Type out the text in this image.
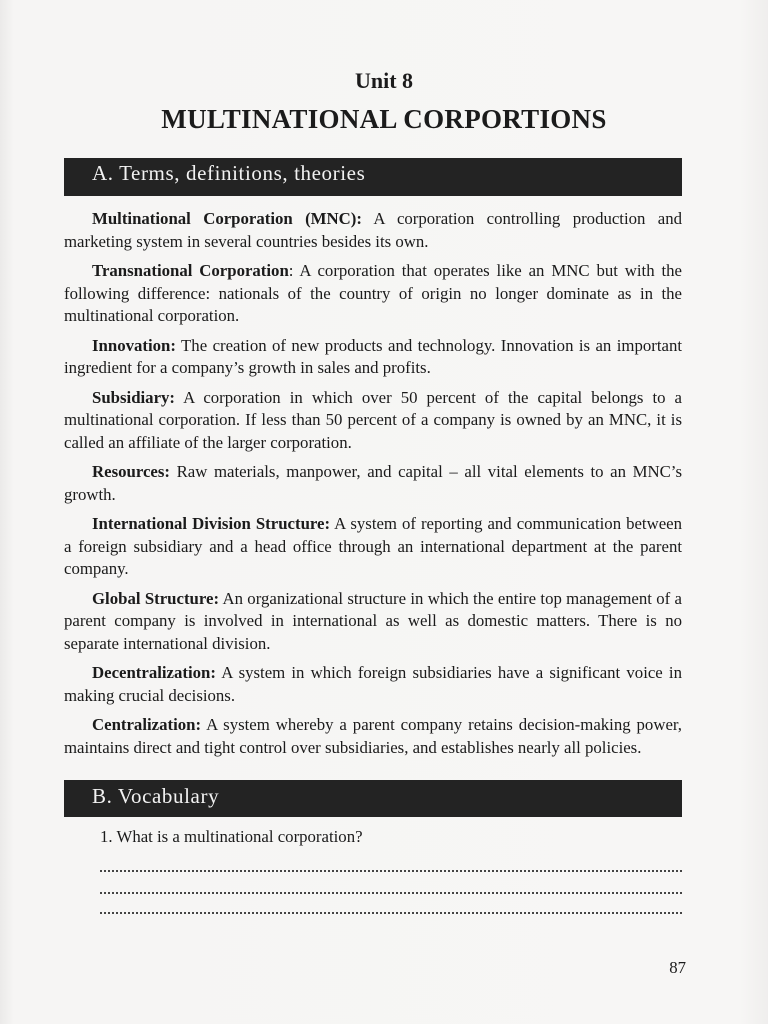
Unit 8
MULTINATIONAL CORPORTIONS
A. Terms, definitions, theories

Multinational Corporation (MNC): A corporation controlling production and marketing system in several countries besides its own.

Transnational Corporation: A corporation that operates like an MNC but with the following difference: nationals of the country of origin no longer dominate as in the multinational corporation.

Innovation: The creation of new products and technology. Innovation is an important ingredient for a company’s growth in sales and profits.

Subsidiary: A corporation in which over 50 percent of the capital belongs to a multinational corporation. If less than 50 percent of a company is owned by an MNC, it is called an affiliate of the larger corporation.

Resources: Raw materials, manpower, and capital – all vital elements to an MNC’s growth.

International Division Structure: A system of reporting and communication between a foreign subsidiary and a head office through an international department at the parent company.

Global Structure: An organizational structure in which the entire top management of a parent company is involved in international as well as domestic matters. There is no separate international division.

Decentralization: A system in which foreign subsidiaries have a significant voice in making crucial decisions.

Centralization: A system whereby a parent company retains decision-making power, maintains direct and tight control over subsidiaries, and establishes nearly all policies.

B. Vocabulary
1. What is a multinational corporation?
87
